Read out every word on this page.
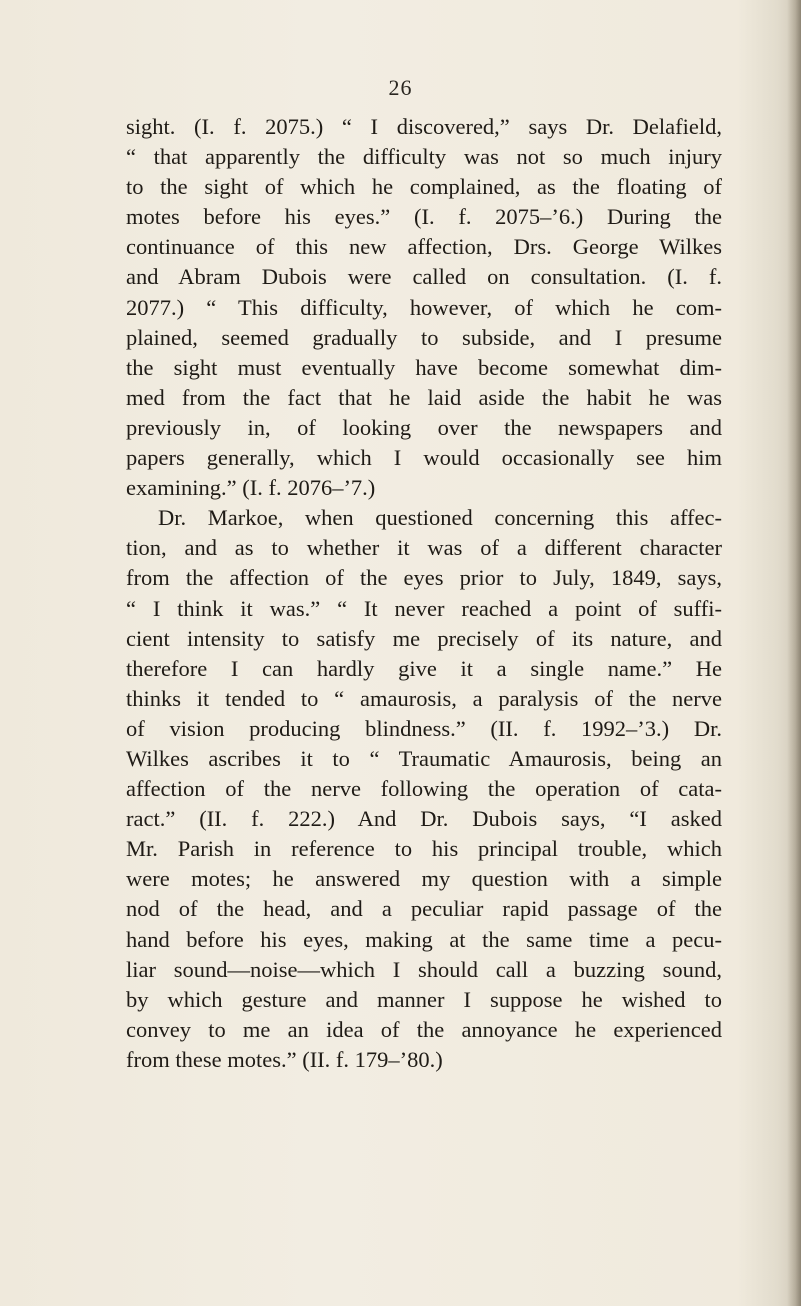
26
sight. (I. f. 2075.) “ I discovered,” says Dr. Delafield,
“ that apparently the difficulty was not so much injury
to the sight of which he complained, as the floating of
motes before his eyes.” (I. f. 2075–’6.) During the
continuance of this new affection, Drs. George Wilkes
and Abram Dubois were called on consultation. (I. f.
2077.) “ This difficulty, however, of which he com-
plained, seemed gradually to subside, and I presume
the sight must eventually have become somewhat dim-
med from the fact that he laid aside the habit he was
previously in, of looking over the newspapers and
papers generally, which I would occasionally see him
examining.” (I. f. 2076–’7.)
Dr. Markoe, when questioned concerning this affec-
tion, and as to whether it was of a different character
from the affection of the eyes prior to July, 1849, says,
“ I think it was.” “ It never reached a point of suffi-
cient intensity to satisfy me precisely of its nature, and
therefore I can hardly give it a single name.” He
thinks it tended to “ amaurosis, a paralysis of the nerve
of vision producing blindness.” (II. f. 1992–’3.) Dr.
Wilkes ascribes it to “ Traumatic Amaurosis, being an
affection of the nerve following the operation of cata-
ract.” (II. f. 222.) And Dr. Dubois says, “I asked
Mr. Parish in reference to his principal trouble, which
were motes; he answered my question with a simple
nod of the head, and a peculiar rapid passage of the
hand before his eyes, making at the same time a pecu-
liar sound—noise—which I should call a buzzing sound,
by which gesture and manner I suppose he wished to
convey to me an idea of the annoyance he experienced
from these motes.” (II. f. 179–’80.)
